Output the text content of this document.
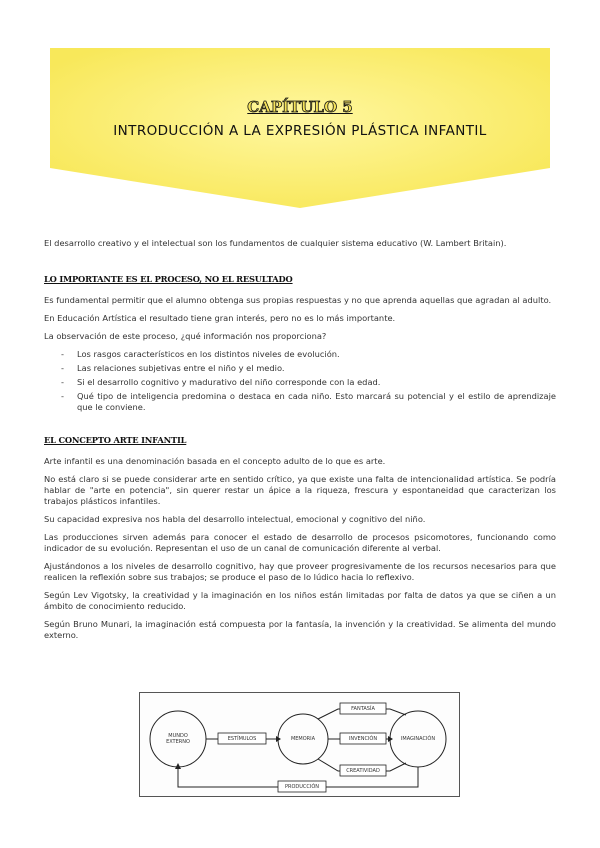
CAPÍTULO 5
INTRODUCCIÓN A LA EXPRESIÓN PLÁSTICA INFANTIL

El desarrollo creativo y el intelectual son los fundamentos de cualquier sistema educativo (W. Lambert Britain).

LO IMPORTANTE ES EL PROCESO, NO EL RESULTADO

Es fundamental permitir que el alumno obtenga sus propias respuestas y no que aprenda aquellas que agradan al adulto.

En Educación Artística el resultado tiene gran interés, pero no es lo más importante.

La observación de este proceso, ¿qué información nos proporciona?

- Los rasgos característicos en los distintos niveles de evolución.
- Las relaciones subjetivas entre el niño y el medio.
- Si el desarrollo cognitivo y madurativo del niño corresponde con la edad.
- Qué tipo de inteligencia predomina o destaca en cada niño. Esto marcará su potencial y el estilo de aprendizaje que le conviene.
EL CONCEPTO ARTE INFANTIL

Arte infantil es una denominación basada en el concepto adulto de lo que es arte.

No está claro si se puede considerar arte en sentido crítico, ya que existe una falta de intencionalidad artística. Se podría hablar de "arte en potencia", sin querer restar un ápice a la riqueza, frescura y espontaneidad que caracterizan los trabajos plásticos infantiles.

Su capacidad expresiva nos habla del desarrollo intelectual, emocional y cognitivo del niño.

Las producciones sirven además para conocer el estado de desarrollo de procesos psicomotores, funcionando como indicador de su evolución. Representan el uso de un canal de comunicación diferente al verbal.

Ajustándonos a los niveles de desarrollo cognitivo, hay que proveer progresivamente de los recursos necesarios para que realicen la reflexión sobre sus trabajos; se produce el paso de lo lúdico hacia lo reflexivo.

Según Lev Vigotsky, la creatividad y la imaginación en los niños están limitadas por falta de datos ya que se ciñen a un ámbito de conocimiento reducido.

Según Bruno Munari, la imaginación está compuesta por la fantasía, la invención y la creatividad. Se alimenta del mundo externo.

MUNDO EXTERNO	ESTÍMULOS	MEMORIA
FANTASÍA
INVENCIÓN
CREATIVIDAD
IMAGINACIÓN
PRODUCCIÓN
